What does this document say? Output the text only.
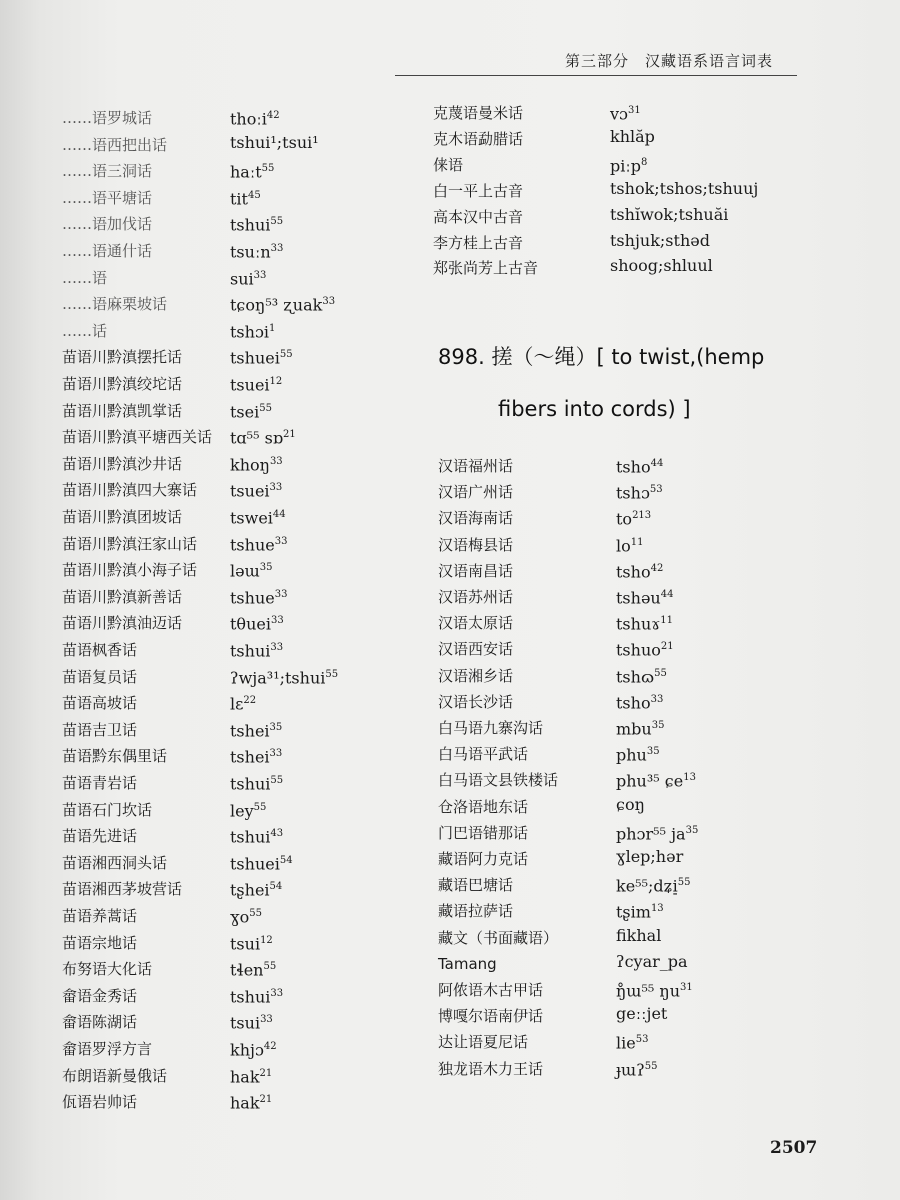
第三部分　汉藏语系语言词表
……语罗城话	thoːi$^{42}$
……语西把出话	tshui¹;tsui¹
……语三洞话	haːt$^{55}$
……语平塘话	tit$^{45}$
……语加伐话	tshui$^{55}$
……语通什话	tsuːn$^{33}$
……语	sui$^{33}$
……语麻栗坡话	tɕoŋ⁵³ ʐuak$^{33}$
……话	tshɔi$^1$
苗语川黔滇摆托话	tshuei$^{55}$
苗语川黔滇绞坨话	tsuei$^{12}$
苗语川黔滇凯掌话	tsei$^{55}$
苗语川黔滇平塘西关话 tɑ⁵⁵ sɒ$^{21}$
苗语川黔滇沙井话	khoŋ$^{33}$
苗语川黔滇四大寨话 tsuei$^{33}$
苗语川黔滇团坡话	tswei$^{44}$
苗语川黔滇汪家山话 tshue$^{33}$
苗语川黔滇小海子话 ləɯ$^{35}$
苗语川黔滇新善话	tshue$^{33}$
苗语川黔滇油迈话	tθuei$^{33}$
苗语枫香话	tshui$^{33}$
苗语复员话	ʔwja³¹;tshui$^{55}$
苗语高坡话	lɛ$^{22}$
苗语吉卫话	tshei$^{35}$
苗语黔东偶里话	tshei$^{33}$
苗语青岩话	tshui$^{55}$
苗语石门坎话	ley$^{55}$
苗语先进话	tshui$^{43}$
苗语湘西洞头话	tshuei$^{54}$
苗语湘西茅坡营话	tʂhei$^{54}$
苗语养蒿话	ɣo$^{55}$
苗语宗地话	tsui$^{12}$
布努语大化话	tɬen$^{55}$
畲语金秀话	tshui$^{33}$
畲语陈湖话	tsui$^{33}$
畲语罗浮方言	khjɔ$^{42}$
布朗语新曼俄话	hak$^{21}$
佤语岩帅话	hak$^{21}$
克蔑语曼米话	vɔ$^{31}$
克木语勐腊话	khlăp
俫语	piːp$^8$
白一平上古音	tshok;tshos;tshuuj
高本汉中古音	tshĭwok;tshuăi
李方桂上古音	tshjuk;sthəd
郑张尚芳上古音	shoog;shluul
898. 搓（～绳）[ to twist,(hemp
fibers into cords) ]
汉语福州话	tsho$^{44}$
汉语广州话	tshɔ$^{53}$
汉语海南话	$to^{213}$
汉语梅县话	$lo^{11}$
汉语南昌话	tsho$^{42}$
汉语苏州话	tshəu$^{44}$
汉语太原话	tshuɤ$^{11}$
汉语西安话	tshuo$^{21}$
汉语湘乡话	tshɷ$^{55}$
汉语长沙话	tsho$^{33}$
白马语九寨沟话	mbu$^{35}$
白马语平武话	phu$^{35}$
白马语文县铁楼话	phu³⁵ ɕe$^{13}$
仓洛语地东话	ɕoŋ
门巴语错那话	phɔr⁵⁵ $ja^{35}$
藏语阿力克话	ɣlep;hər
藏语巴塘话	ke⁵⁵;dʑi̠$^{55}$
藏语拉萨话	tʂim$^{13}$
藏文（书面藏语）	fikhal
Tamang	ʔcyar_pa
阿侬语木古甲话	ŋ̊ɯ⁵⁵ $ŋu^{31}$
博嘎尔语南伊话	geːːjet
达让语夏尼话	lie$^{53}$
独龙语木力王话	ɟɯʔ$^{55}$
2507
